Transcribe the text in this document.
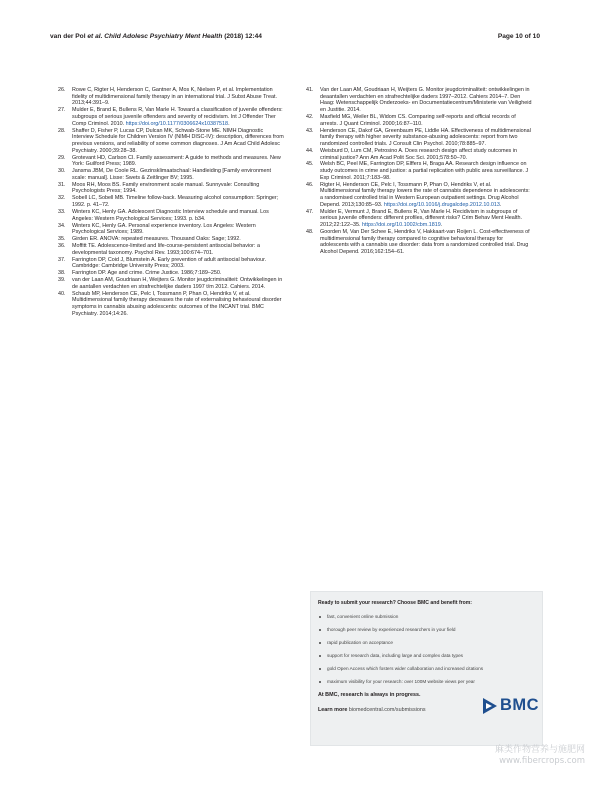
van der Pol et al. Child Adolesc Psychiatry Ment Health (2018) 12:44	Page 10 of 10
26. Rowe C, Rigter H, Henderson C, Gantner A, Mos K, Nielsen P, et al. Implementation fidelity of multidimensional family therapy in an international trial. J Subst Abuse Treat. 2013;44:391–9.
27. Mulder E, Brand E, Bullens R, Van Marle H. Toward a classification of juvenile offenders: subgroups of serious juvenile offenders and severity of recidivism. Int J Offender Ther Comp Criminol. 2010. https://doi.org/10.1177/0306624x10387518.
28. Shaffer D, Fisher P, Lucas CP, Dulcan MK, Schwab-Stone ME. NIMH Diagnostic Interview Schedule for Children Version IV (NIMH DISC-IV): description, differences from previous versions, and reliability of some common diagnoses. J Am Acad Child Adolesc Psychiatry. 2000;39:28–38.
29. Grotevant HD, Carlson CI. Family assessment: A guide to methods and measures. New York: Guilford Press; 1989.
30. Jansma JBM, De Coole RL. Gezinsklimaatschaal: Handleiding [Family environment scale: manual]. Lisse: Swets & Zeitlinger BV; 1995.
31. Moos RH, Moos BS. Family environment scale manual. Sunnyvale: Consulting Psychologists Press; 1994.
32. Sobell LC, Sobell MB. Timeline follow-back. Measuring alcohol consumption: Springer; 1992. p. 41–72.
33. Winters KC, Henly GA. Adolescent Diagnostic Interview schedule and manual. Los Angeles: Western Psychological Services; 1993. p. b34.
34. Winters KC, Henly GA. Personal experience inventory. Los Angeles: Western Psychological Services; 1989.
35. Girden ER. ANOVA: repeated measures. Thousand Oaks: Sage; 1992.
36. Moffitt TE. Adolescence-limited and life-course-persistent antisocial behavior: a developmental taxonomy. Psychol Rev. 1993;100:674–701.
37. Farrington DP, Coid J, Blumstein A. Early prevention of adult antisocial behaviour. Cambridge: Cambridge University Press; 2003.
38. Farrington DP. Age and crime. Crime Justice. 1986;7:189–250.
39. van der Laan AM, Goudriaan H, Weijters G. Monitor jeugdcriminaliteit: Ontwikkelingen in de aantallen verdachten en strafrechtelijke daders 1997 t/m 2012. Cahiers. 2014.
40. Schaub MP, Henderson CE, Pelc I, Tossmann P, Phan O, Hendriks V, et al. Multidimensional family therapy decreases the rate of externalising behavioural disorder symptoms in cannabis abusing adolescents: outcomes of the INCANT trial. BMC Psychiatry. 2014;14:26.
41. Van der Laan AM, Goudriaan H, Weijters G. Monitor jeugdcriminaliteit: ontwikkelingen in deaantallen verdachten en strafrechtelijke daders 1997–2012. Cahiers 2014–7. Den Haag: Wetenschappelijk Onderzoeks- en Documentatiecentrum/Ministerie van Veiligheid en Justitie. 2014.
42. Maxfield MG, Weiler BL, Widom CS. Comparing self-reports and official records of arrests. J Quant Criminol. 2000;16:87–110.
43. Henderson CE, Dakof GA, Greenbaum PE, Liddle HA. Effectiveness of multidimensional family therapy with higher severity substance-abusing adolescents: report from two randomized controlled trials. J Consult Clin Psychol. 2010;78:885–97.
44. Weisburd D, Lum CM, Petrosino A. Does research design affect study outcomes in criminal justice? Ann Am Acad Polit Soc Sci. 2001;578:50–70.
45. Welsh BC, Peel ME, Farrington DP, Elffers H, Braga AA. Research design influence on study outcomes in crime and justice: a partial replication with public area surveillance. J Exp Criminol. 2011;7:183–98.
46. Rigter H, Henderson CE, Pelc I, Tossmann P, Phan O, Hendriks V, et al. Multidimensional family therapy lowers the rate of cannabis dependence in adolescents: a randomised controlled trial in Western European outpatient settings. Drug Alcohol Depend. 2013;130:85–93. https://doi.org/10.1016/j.drugalcdep.2012.10.013.
47. Mulder E, Vermunt J, Brand E, Bullens R, Van Marle H. Recidivism in subgroups of serious juvenile offenders: different profiles, different risks? Crim Behav Ment Health. 2012;22:122–35. https://doi.org/10.1002/cbm.1819.
48. Goorden M, Van Der Schee E, Hendriks V, Hakkaart-van Roijen L. Cost-effectiveness of multidimensional family therapy compared to cognitive behavioral therapy for adolescents with a cannabis use disorder: data from a randomized controlled trial. Drug Alcohol Depend. 2016;162:154–61.
Ready to submit your research? Choose BMC and benefit from:
fast, convenient online submission
thorough peer review by experienced researchers in your field
rapid publication on acceptance
support for research data, including large and complex data types
gold Open Access which fosters wider collaboration and increased citations
maximum visibility for your research: over 100M website views per year
At BMC, research is always in progress.
Learn more biomedcentral.com/submissions	BMC
麻类作物营养与施肥网
www.fibercrops.com
